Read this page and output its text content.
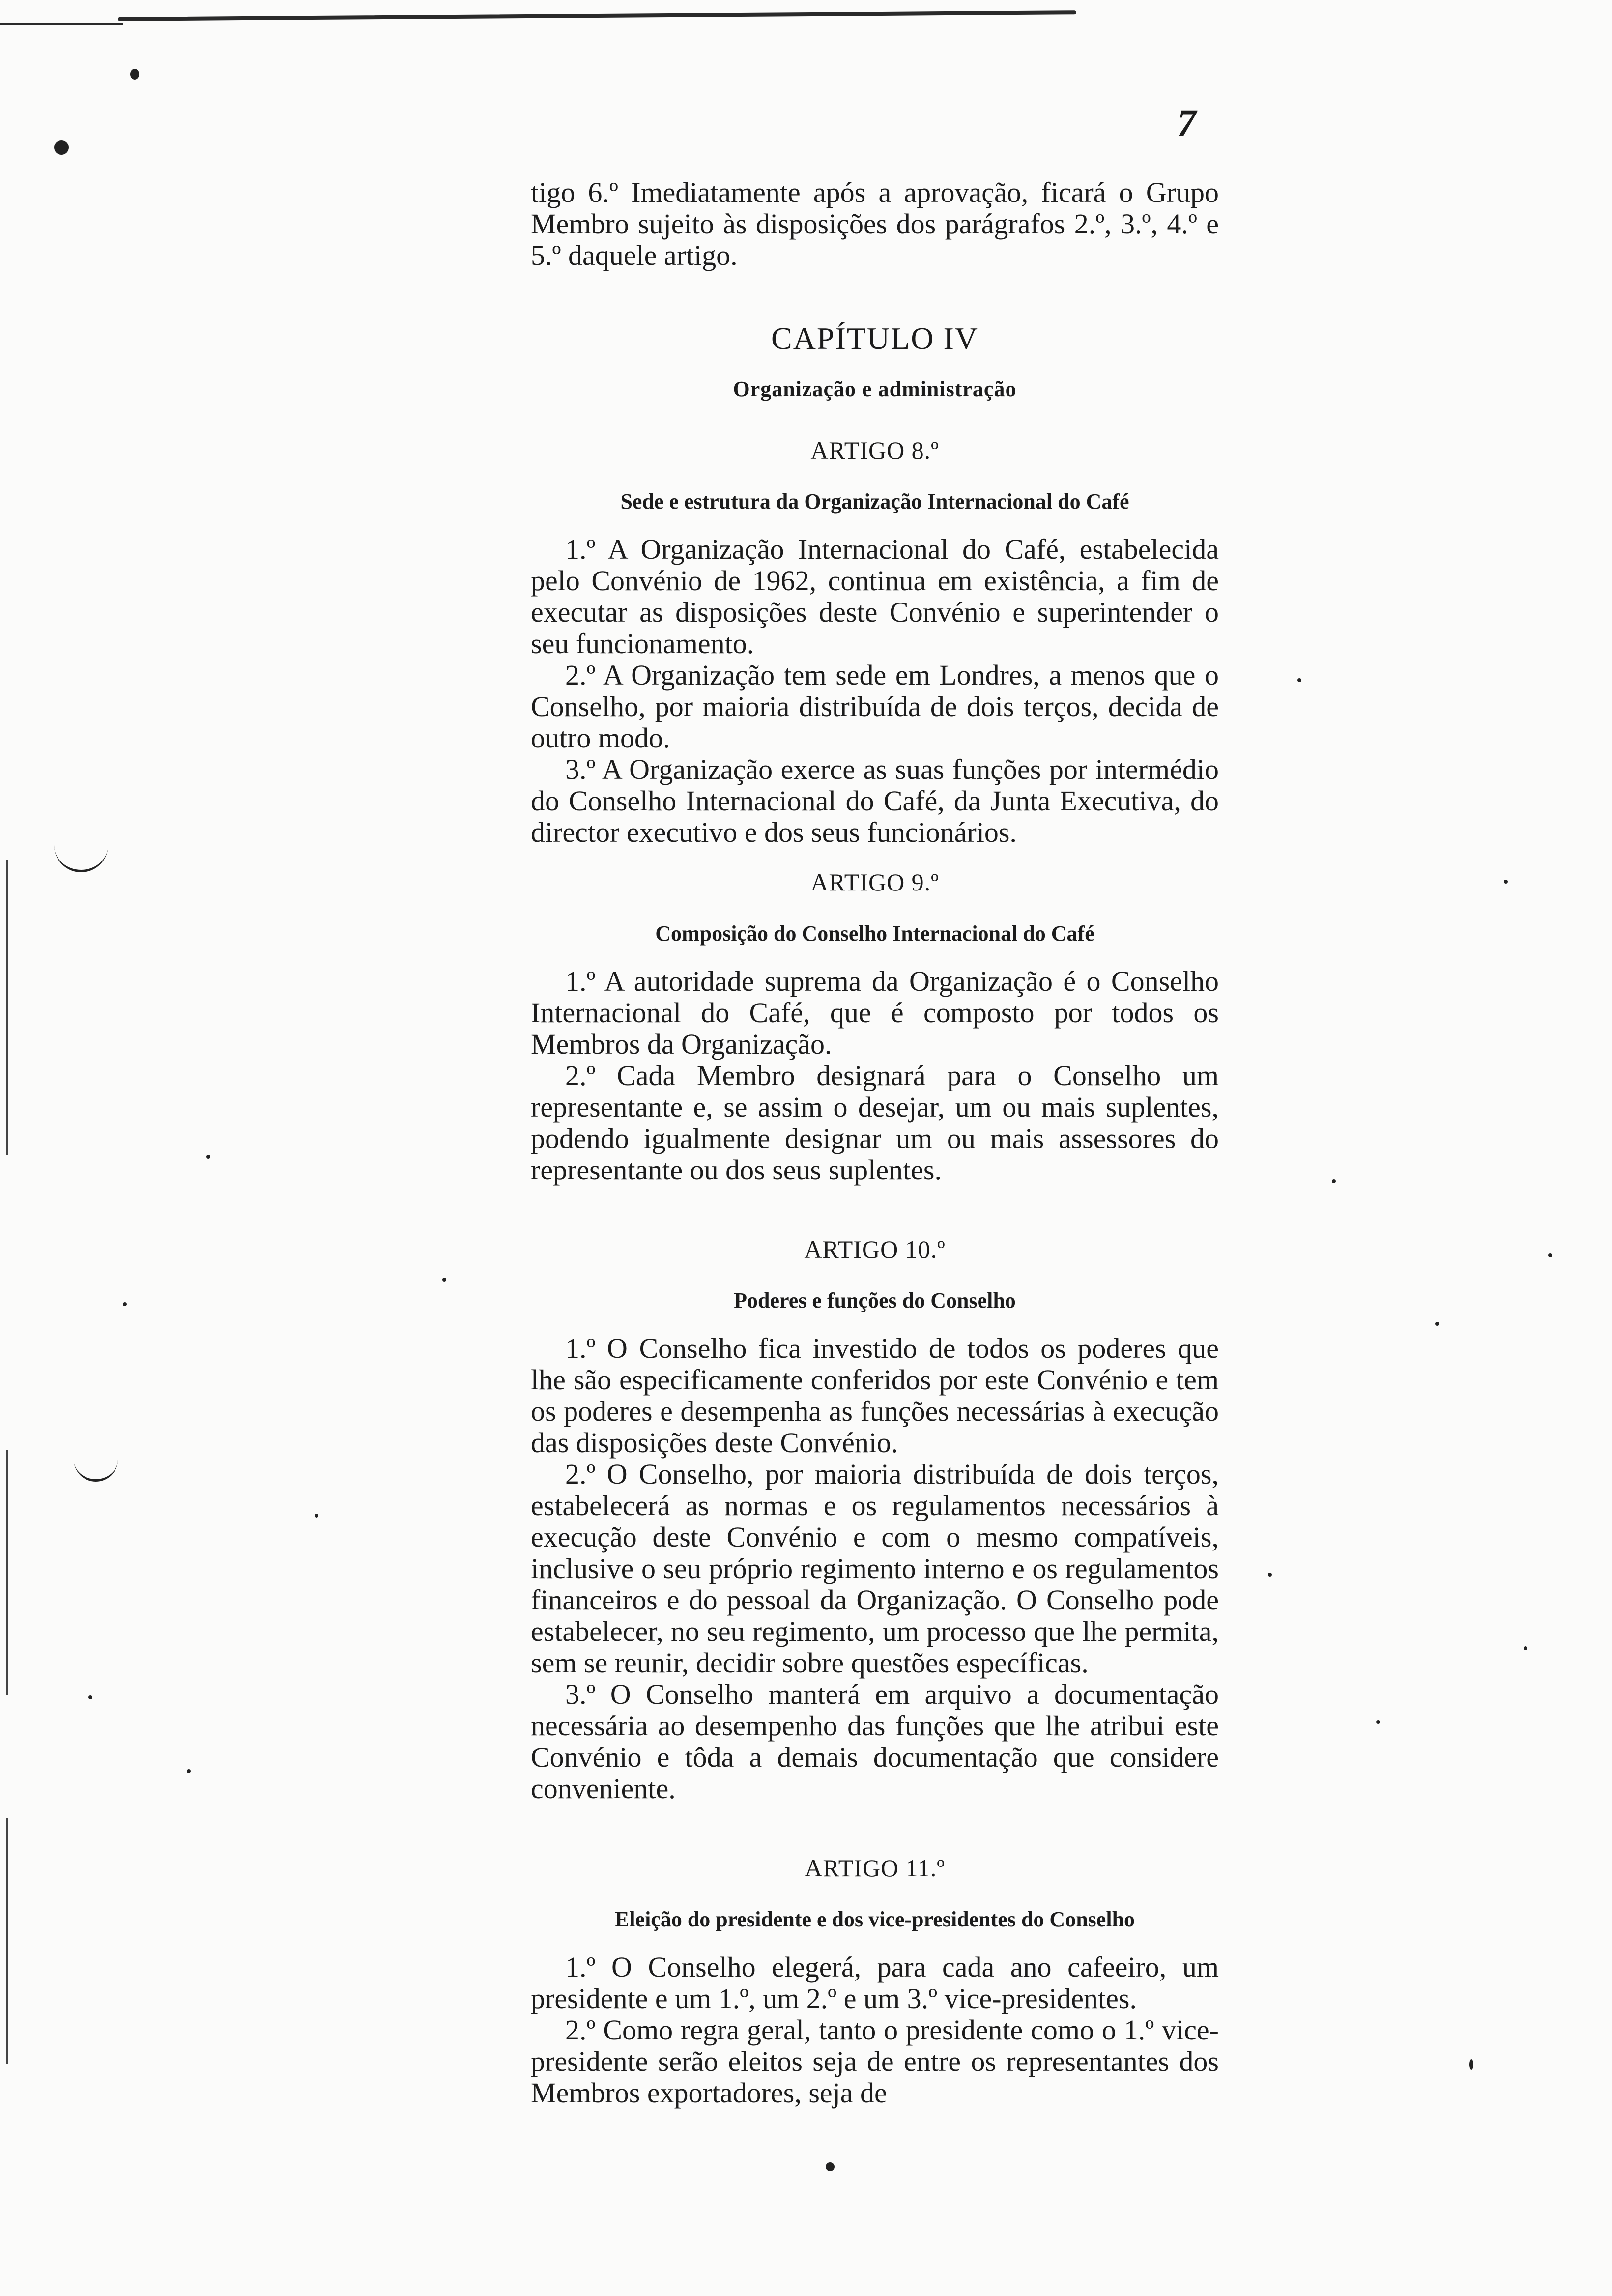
7

tigo 6.º Imediatamente após a aprovação, ficará o Grupo Membro sujeito às disposições dos parágrafos 2.º, 3.º, 4.º e 5.º daquele artigo.

CAPÍTULO IV

Organização e administração

ARTIGO 8.º

Sede e estrutura da Organização Internacional do Café

1.º A Organização Internacional do Café, estabelecida pelo Convénio de 1962, continua em existência, a fim de executar as disposições deste Convénio e superintender o seu funcionamento.

2.º A Organização tem sede em Londres, a menos que o Conselho, por maioria distribuída de dois terços, decida de outro modo.

3.º A Organização exerce as suas funções por intermédio do Conselho Internacional do Café, da Junta Executiva, do director executivo e dos seus funcionários.

ARTIGO 9.º

Composição do Conselho Internacional do Café

1.º A autoridade suprema da Organização é o Conselho Internacional do Café, que é composto por todos os Membros da Organização.

2.º Cada Membro designará para o Conselho um representante e, se assim o desejar, um ou mais suplentes, podendo igualmente designar um ou mais assessores do representante ou dos seus suplentes.

ARTIGO 10.º

Poderes e funções do Conselho

1.º O Conselho fica investido de todos os poderes que lhe são especificamente conferidos por este Convénio e tem os poderes e desempenha as funções necessárias à execução das disposições deste Convénio.

2.º O Conselho, por maioria distribuída de dois terços, estabelecerá as normas e os regulamentos necessários à execução deste Convénio e com o mesmo compatíveis, inclusive o seu próprio regimento interno e os regulamentos financeiros e do pessoal da Organização. O Conselho pode estabelecer, no seu regimento, um processo que lhe permita, sem se reunir, decidir sobre questões específicas.

3.º O Conselho manterá em arquivo a documentação necessária ao desempenho das funções que lhe atribui este Convénio e tôda a demais documentação que considere conveniente.

ARTIGO 11.º

Eleição do presidente e dos vice-presidentes do Conselho

1.º O Conselho elegerá, para cada ano cafeeiro, um presidente e um 1.º, um 2.º e um 3.º vice-presidentes.

2.º Como regra geral, tanto o presidente como o 1.º vice-presidente serão eleitos seja de entre os representantes dos Membros exportadores, seja de
